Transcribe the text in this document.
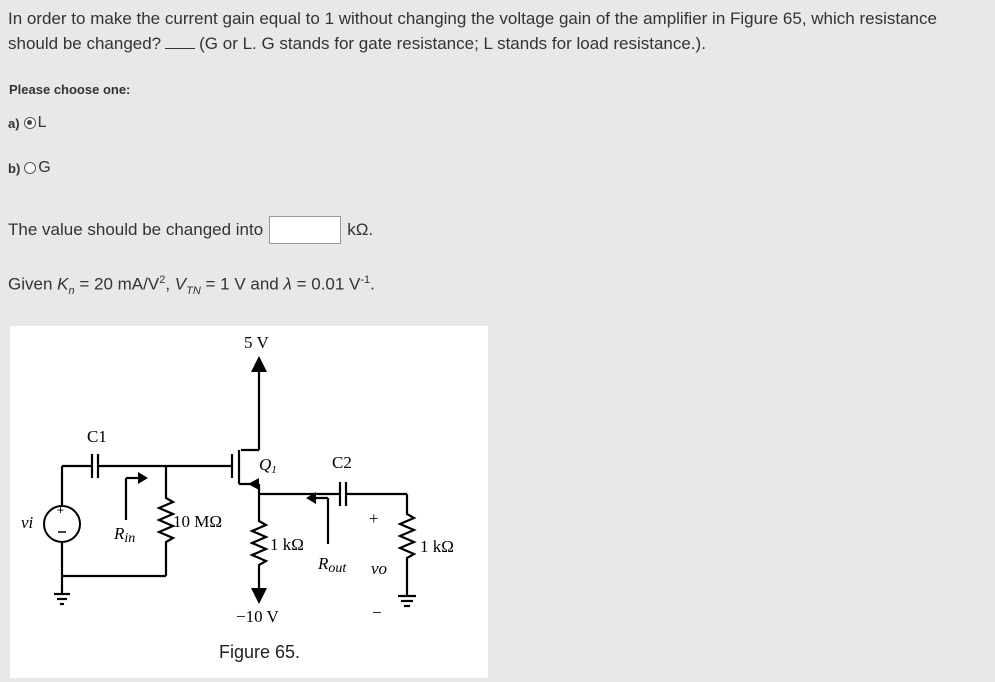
In order to make the current gain equal to 1 without changing the voltage gain of the amplifier in Figure 65, which resistance
should be changed? (G or L. G stands for gate resistance; L stands for load resistance.).
Please choose one:
a) L
b) G
The value should be changed into	kΩ.
Given $K_n = 20$ $mA/V^2$, $V_{TN} = 1$ V and λ = 0.01 $V^{-1}$.
+
5 V
−10 V
C1
C2
Q1
vi
Rin
10 MΩ
1 kΩ	1 kΩ
Rout vo
+
−
Figure 65.
